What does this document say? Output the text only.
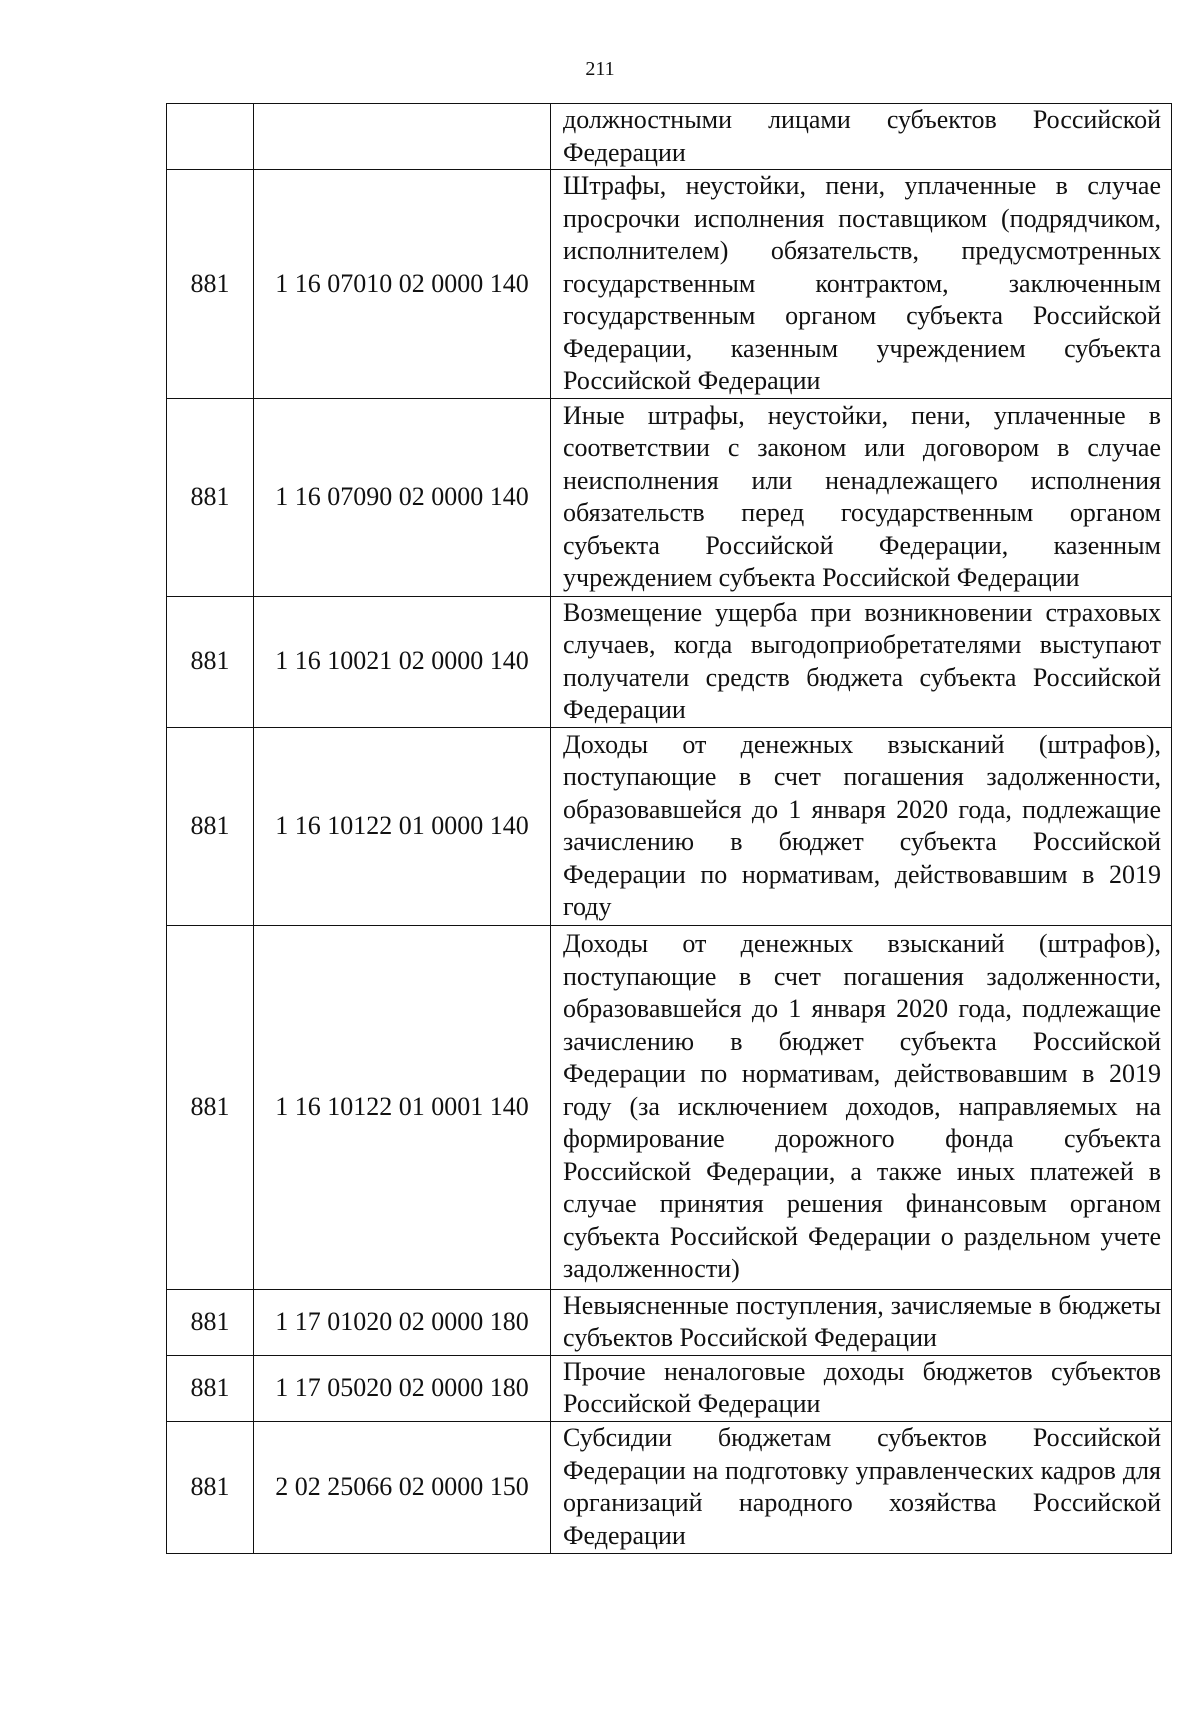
211

		должностными лицами субъектов Российской Федерации

881	1 16 07010 02 0000 140	Штрафы, неустойки, пени, уплаченные в случае просрочки исполнения поставщиком (подрядчиком, исполнителем) обязательств, предусмотренных государственным контрактом, заключенным государственным органом субъекта Российской Федерации, казенным учреждением субъекта Российской Федерации

881	1 16 07090 02 0000 140	Иные штрафы, неустойки, пени, уплаченные в соответствии с законом или договором в случае неисполнения или ненадлежащего исполнения обязательств перед государственным органом субъекта Российской Федерации, казенным учреждением субъекта Российской Федерации

881	1 16 10021 02 0000 140	Возмещение ущерба при возникновении страховых случаев, когда выгодоприобретателями выступают получатели средств бюджета субъекта Российской Федерации

881	1 16 10122 01 0000 140	Доходы от денежных взысканий (штрафов), поступающие в счет погашения задолженности, образовавшейся до 1 января 2020 года, подлежащие зачислению в бюджет субъекта Российской Федерации по нормативам, действовавшим в 2019 году

881	1 16 10122 01 0001 140	Доходы от денежных взысканий (штрафов), поступающие в счет погашения задолженности, образовавшейся до 1 января 2020 года, подлежащие зачислению в бюджет субъекта Российской Федерации по нормативам, действовавшим в 2019 году (за исключением доходов, направляемых на формирование дорожного фонда субъекта Российской Федерации, а также иных платежей в случае принятия решения финансовым органом субъекта Российской Федерации о раздельном учете задолженности)

881	1 17 01020 02 0000 180	Невыясненные поступления, зачисляемые в бюджеты субъектов Российской Федерации

881	1 17 05020 02 0000 180	Прочие неналоговые доходы бюджетов субъектов Российской Федерации

881	2 02 25066 02 0000 150	Субсидии бюджетам субъектов Российской Федерации на подготовку управленческих кадров для организаций народного хозяйства Российской Федерации
